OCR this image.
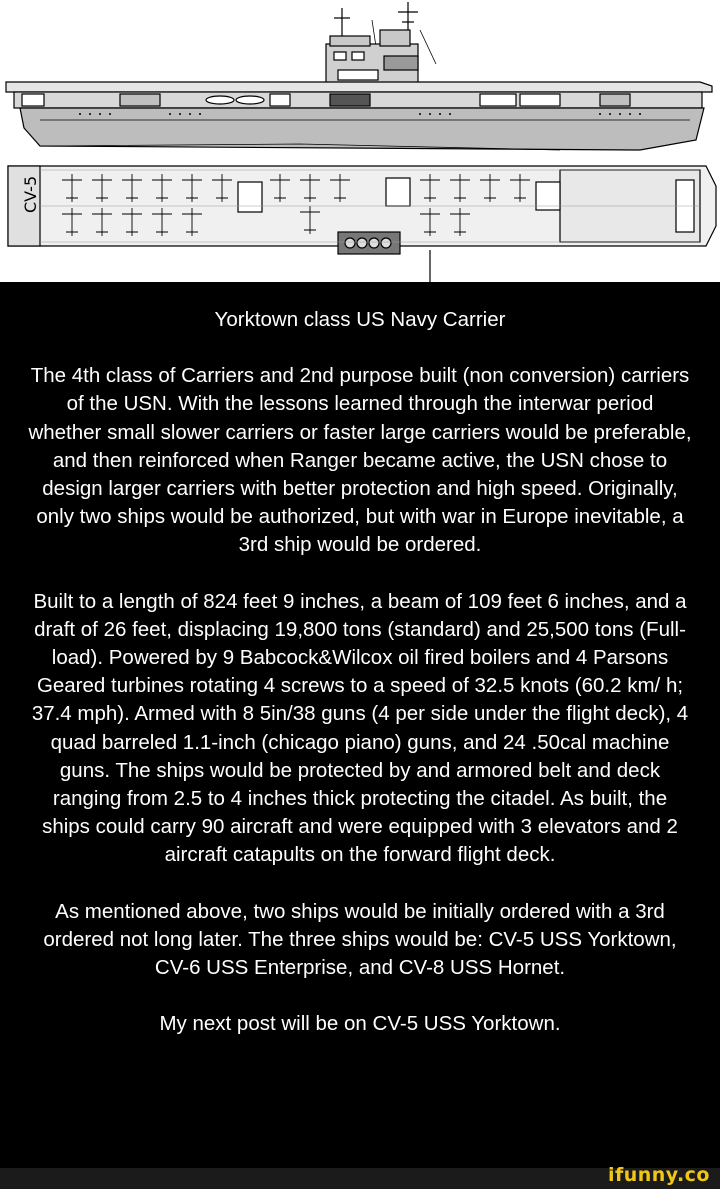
CV-5

Yorktown class US Navy Carrier

The 4th class of Carriers and 2nd purpose built (non conversion) carriers of the USN. With the lessons learned through the interwar period whether small slower carriers or faster large carriers would be preferable, and then reinforced when Ranger became active, the USN chose to design larger carriers with better protection and high speed. Originally, only two ships would be authorized, but with war in Europe inevitable, a 3rd ship would be ordered.

Built to a length of 824 feet 9 inches, a beam of 109 feet 6 inches, and a draft of 26 feet, displacing 19,800 tons (standard) and 25,500 tons (Full-load). Powered by 9 Babcock&Wilcox oil fired boilers and 4 Parsons Geared turbines rotating 4 screws to a speed of 32.5 knots (60.2 km/ h; 37.4 mph). Armed with 8 5in/38 guns (4 per side under the flight deck), 4 quad barreled 1.1-inch (chicago piano) guns, and 24 .50cal machine guns. The ships would be protected by and armored belt and deck ranging from 2.5 to 4 inches thick protecting the citadel. As built, the ships could carry 90 aircraft and were equipped with 3 elevators and 2 aircraft catapults on the forward flight deck.

As mentioned above, two ships would be initially ordered with a 3rd ordered not long later. The three ships would be: CV-5 USS Yorktown, CV-6 USS Enterprise, and CV-8 USS Hornet.

My next post will be on CV-5 USS Yorktown.

ifunny.co
